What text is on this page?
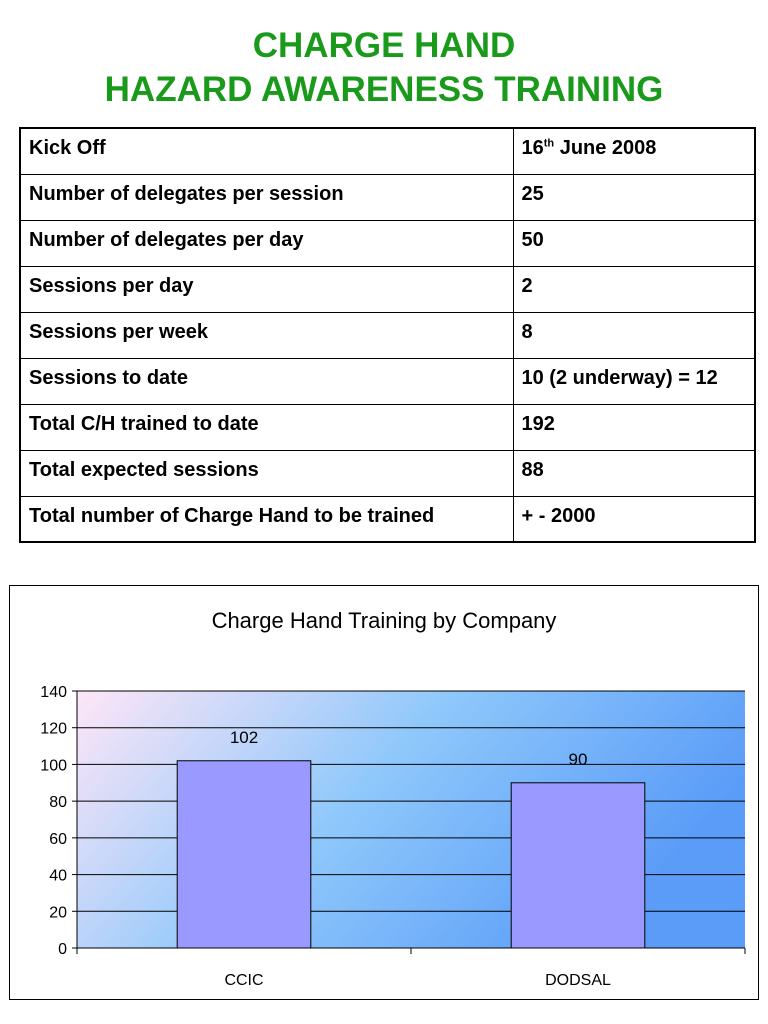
CHARGE HAND
HAZARD AWARENESS TRAINING
Kick Off	16th June 2008
Number of delegates per session	25
Number of delegates per day	50
Sessions per day	2
Sessions per week	8
Sessions to date	10 (2 underway) = 12
Total C/H trained to date	192
Total expected sessions	88
Total number of Charge Hand to be trained	+ - 2000
Charge Hand Training by Company
0
20
40
60
80
100
120
140
102
CCIC
90
DODSAL
